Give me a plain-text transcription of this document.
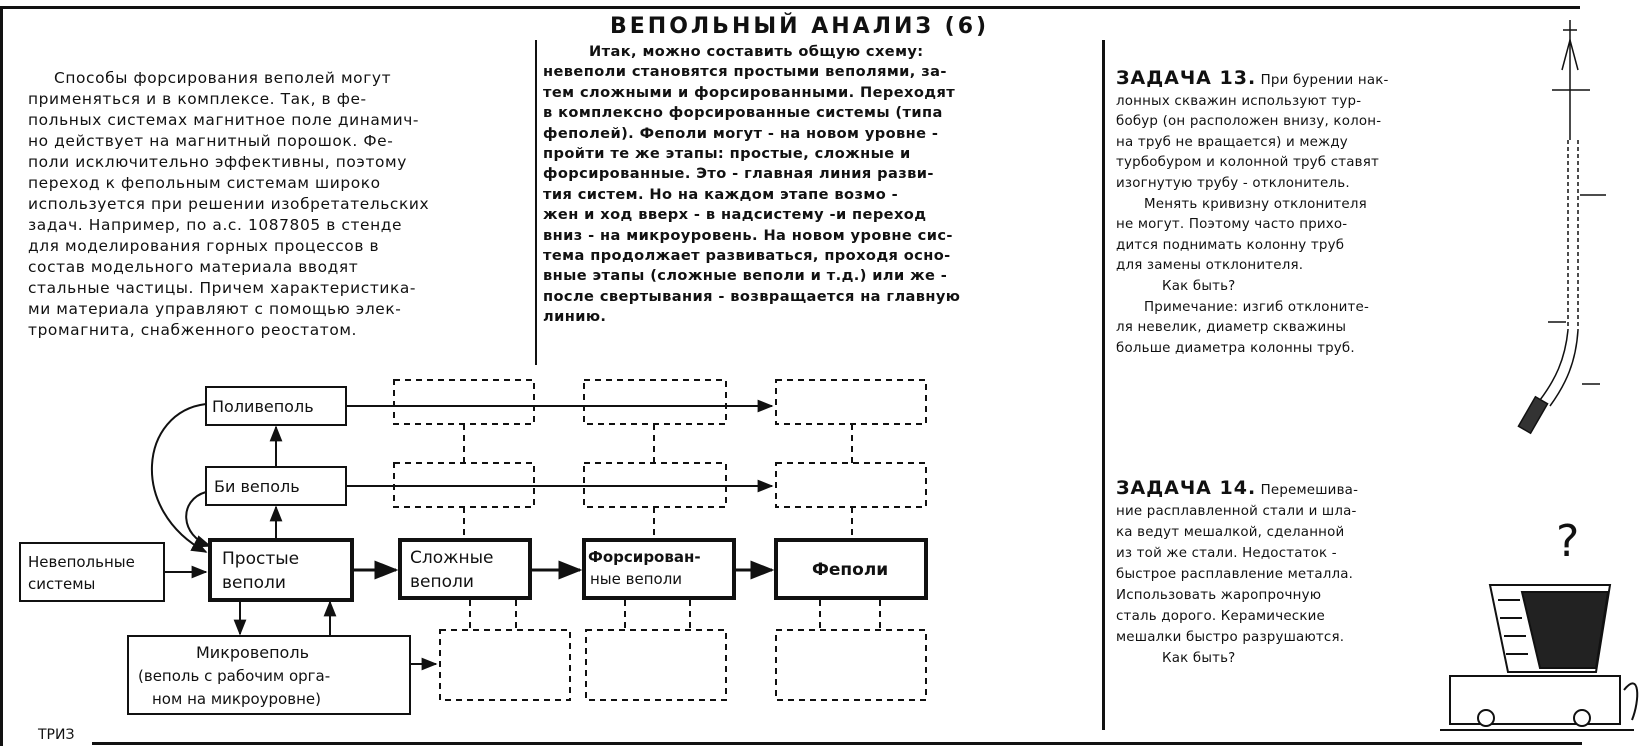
ВЕПОЛЬНЫЙ АНАЛИЗ (6)

Способы форсирования веполей могут

применяться и в комплексе. Так, в фе-

польных системах магнитное поле динамич-

но действует на магнитный порошок. Фе-

поли исключительно эффективны, поэтому

переход к фепольным системам широко

используется при решении изобретательских

задач. Например, по а.с. 1087805 в стенде

для моделирования горных процессов в

состав модельного материала вводят

стальные частицы. Причем характеристика-

ми материала управляют с помощью элек-

тромагнита, снабженного реостатом.

Итак, можно составить общую схему:

невеполи становятся простыми веполями, за-

тем сложными и форсированными. Переходят

в комплексно форсированные системы (типа

феполей). Феполи могут - на новом уровне -

пройти те же этапы: простые, сложные и

форсированные. Это - главная линия разви-

тия систем. Но на каждом этапе возмо -

жен и ход вверх - в надсистему -и переход

вниз - на микроуровень. На новом уровне сис-

тема продолжает развиваться, проходя осно-

вные этапы (сложные веполи и т.д.) или же -

после свертывания - возвращается на главную

линию.

ЗАДАЧА 13. При бурении нак-

лонных скважин используют тур-

бобур (он расположен внизу, колон-

на труб не вращается) и между

турбобуром и колонной труб ставят

изогнутую трубу - отклонитель.

Менять кривизну отклонителя

не могут. Поэтому часто прихо-

дится поднимать колонну труб

для замены отклонителя.

Как быть?

Примечание: изгиб отклоните-

ля невелик, диаметр скважины

больше диаметра колонны труб.

ЗАДАЧА 14. Перемешива-

ние расплавленной стали и шла-

ка ведут мешалкой, сделанной

из той же стали. Недостаток -

быстрое расплавление металла.

Использовать жаропрочную

сталь дорого. Керамические

мешалки быстро разрушаются.

Как быть?

Поливеполь
Би веполь
Невепольные
системы
Простые
веполи
Сложные
веполи
Форсирован-
ные веполи	Феполи
Микровеполь
(веполь с рабочим орга-
ном на микроуровне)
?
ТРИЗ
